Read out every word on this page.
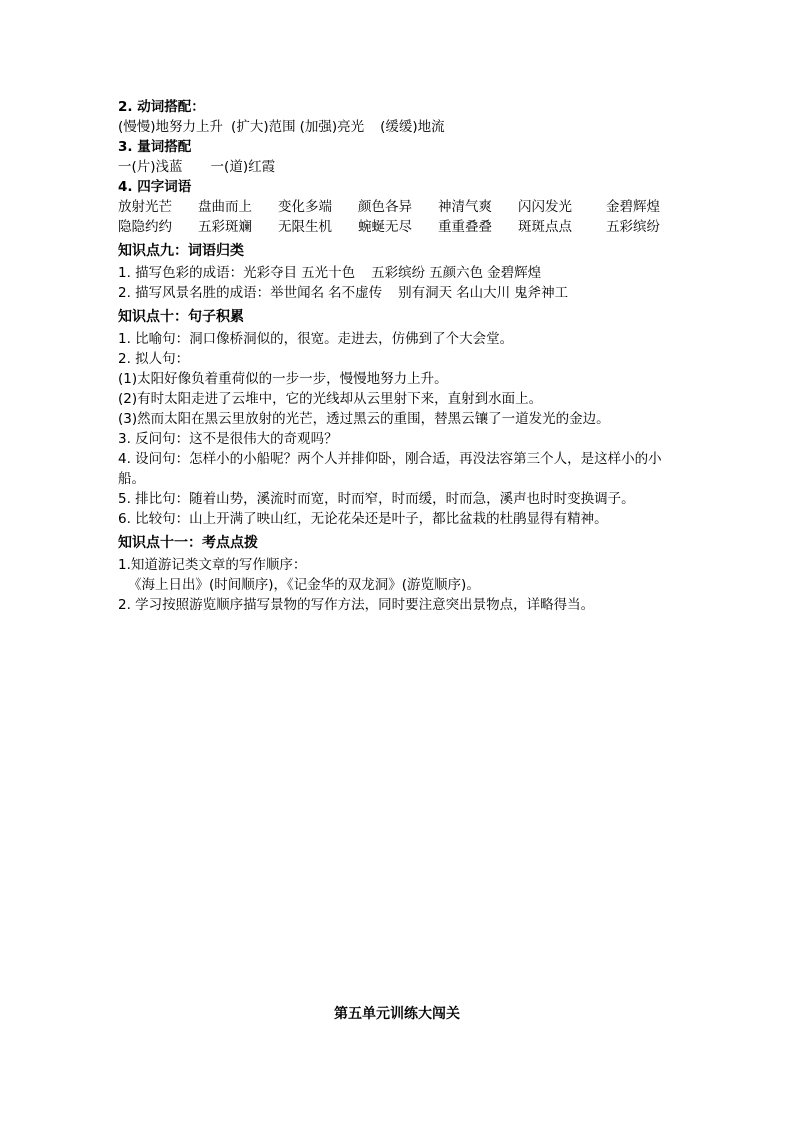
2. 动词搭配：
(慢慢)地努力上升 (扩大)范围 (加强)亮光 (缓缓)地流
3. 量词搭配
一(片)浅蓝 一(道)红霞
4. 四字词语
放射光芒	盘曲而上	变化多端	颜色各异	神清气爽	闪闪发光	金碧辉煌
隐隐约约	五彩斑斓	无限生机	蜿蜒无尽	重重叠叠	斑斑点点	五彩缤纷
知识点九：词语归类
1. 描写色彩的成语：光彩夺目 五光十色 五彩缤纷 五颜六色 金碧辉煌
2. 描写风景名胜的成语：举世闻名 名不虚传 别有洞天 名山大川 鬼斧神工
知识点十：句子积累
1. 比喻句：洞口像桥洞似的，很宽。走进去，仿佛到了个大会堂。
2. 拟人句：
(1)太阳好像负着重荷似的一步一步，慢慢地努力上升。
(2)有时太阳走进了云堆中，它的光线却从云里射下来，直射到水面上。
(3)然而太阳在黑云里放射的光芒，透过黑云的重围，替黑云镶了一道发光的金边。
3. 反问句：这不是很伟大的奇观吗？
4. 设问句：怎样小的小船呢？两个人并排仰卧，刚合适，再没法容第三个人，是这样小的小船。
5. 排比句：随着山势，溪流时而宽，时而窄，时而缓，时而急，溪声也时时变换调子。
6. 比较句：山上开满了映山红，无论花朵还是叶子，都比盆栽的杜鹃显得有精神。
知识点十一：考点点拨
1.知道游记类文章的写作顺序：
《海上日出》(时间顺序)，《记金华的双龙洞》(游览顺序)。
2. 学习按照游览顺序描写景物的写作方法，同时要注意突出景物点，详略得当。
第五单元训练大闯关
